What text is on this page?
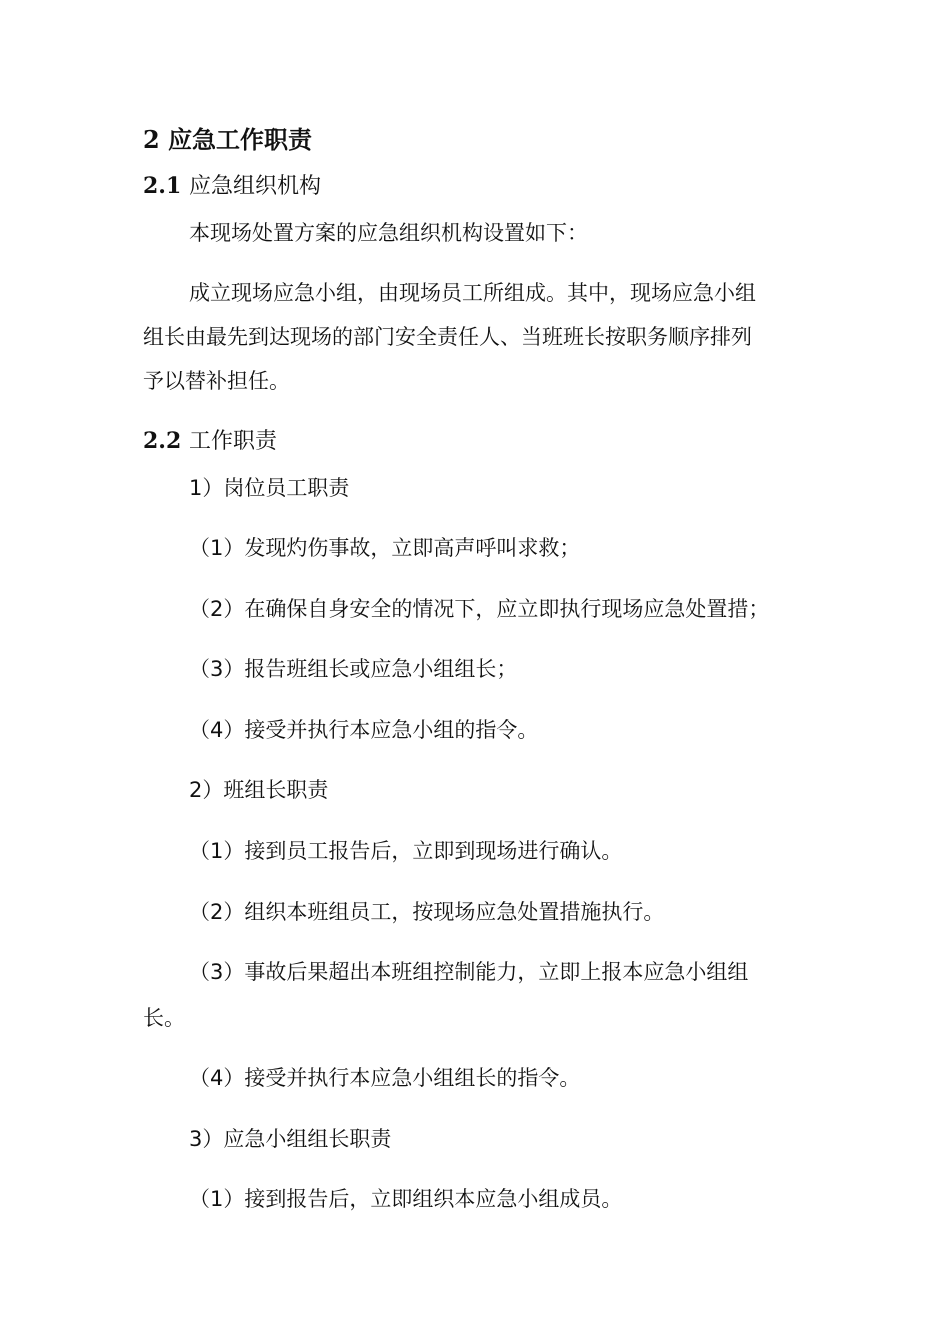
2 应急工作职责
2.1 应急组织机构
本现场处置方案的应急组织机构设置如下：
成立现场应急小组，由现场员工所组成。其中，现场应急小组
组长由最先到达现场的部门安全责任人、当班班长按职务顺序排列
予以替补担任。
2.2 工作职责
1）岗位员工职责
（1）发现灼伤事故，立即高声呼叫求救；
（2）在确保自身安全的情况下，应立即执行现场应急处置措；
（3）报告班组长或应急小组组长；
（4）接受并执行本应急小组的指令。
2）班组长职责
（1）接到员工报告后，立即到现场进行确认。
（2）组织本班组员工，按现场应急处置措施执行。
（3）事故后果超出本班组控制能力，立即上报本应急小组组
长。
（4）接受并执行本应急小组组长的指令。
3）应急小组组长职责
（1）接到报告后，立即组织本应急小组成员。
